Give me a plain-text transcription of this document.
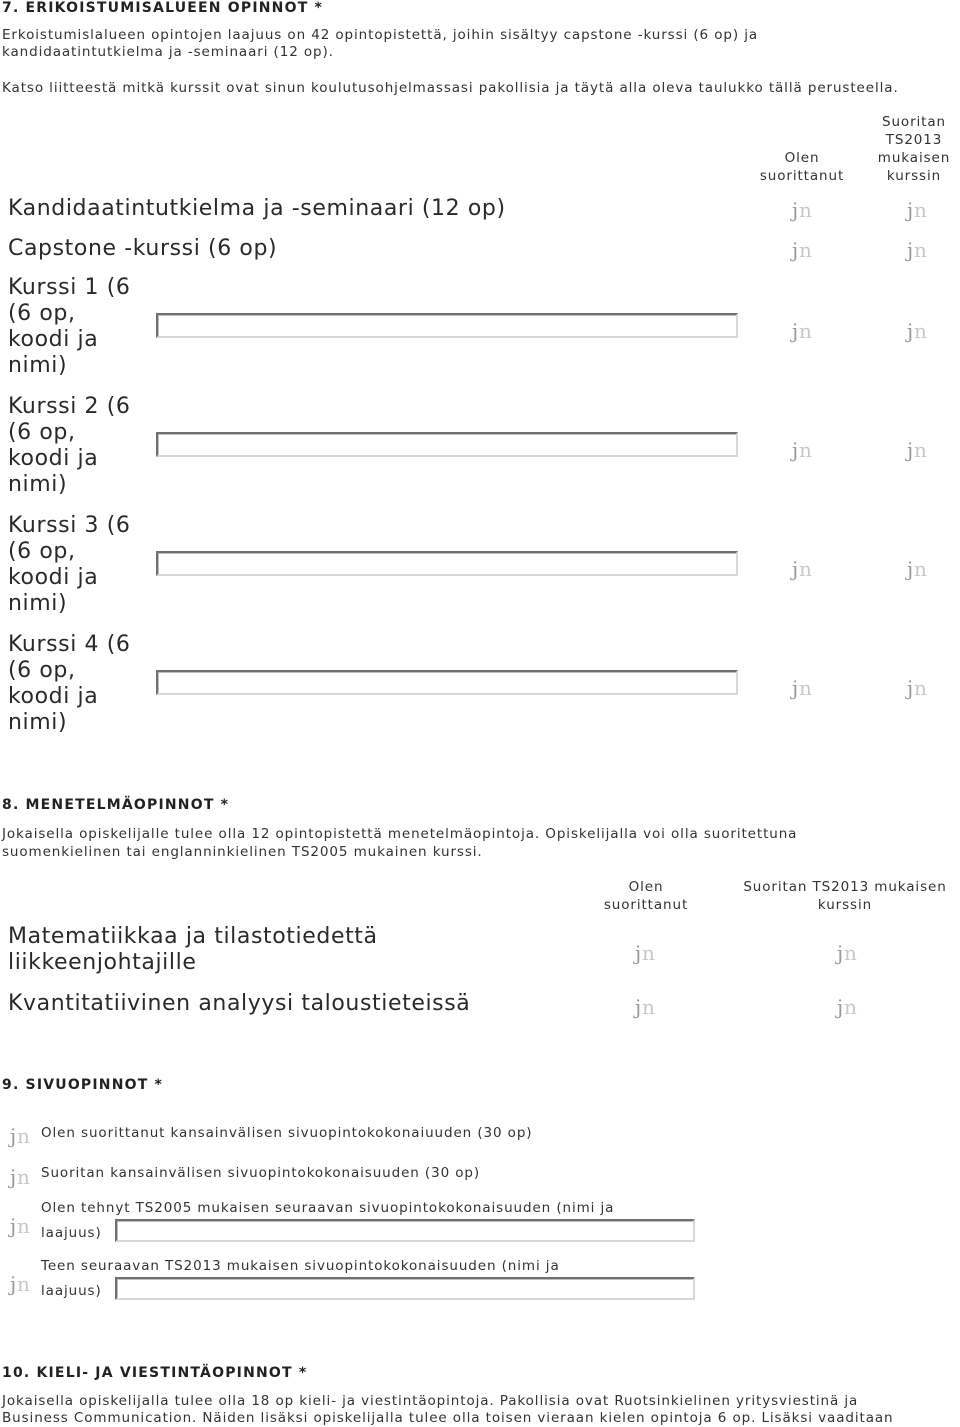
7. ERIKOISTUMISALUEEN OPINNOT *
Erkoistumislalueen opintojen laajuus on 42 opintopistettä, joihin sisältyy capstone -kurssi (6 op) ja
kandidaatintutkielma ja -seminaari (12 op).
Katso liitteestä mitkä kurssit ovat sinun koulutusohjelmassasi pakollisia ja täytä alla oleva taulukko tällä perusteella.
Olen
suorittanut
Suoritan
TS2013
mukaisen
kurssin
Kandidaatintutkielma ja -seminaari (12 op)	j n	j n
Capstone -kurssi (6 op)	j n	j n
Kurssi 1 (6
(6 op,
koodi ja
nimi)
j n	j n
Kurssi 2 (6
(6 op,
koodi ja
nimi)
j n	j n
Kurssi 3 (6
(6 op,
koodi ja
nimi)
j n	j n
Kurssi 4 (6
(6 op,
koodi ja
nimi)
j n	j n
8. MENETELMÄOPINNOT *
Jokaisella opiskelijalle tulee olla 12 opintopistettä menetelmäopintoja. Opiskelijalla voi olla suoritettuna
suomenkielinen tai englanninkielinen TS2005 mukainen kurssi.
Olen
suorittanut
Suoritan TS2013 mukaisen
kurssin
Matematiikkaa ja tilastotiedettä
liikkeenjohtajille	j n	j n
Kvantitatiivinen analyysi taloustieteissä	j n	j n
9. SIVUOPINNOT *
j n Olen suorittanut kansainvälisen sivuopintokokonaiuuden (30 op)
j n Suoritan kansainvälisen sivuopintokokonaisuuden (30 op)
j n
Olen tehnyt TS2005 mukaisen seuraavan sivuopintokokonaisuuden (nimi ja
laajuus)
j n
Teen seuraavan TS2013 mukaisen sivuopintokokonaisuuden (nimi ja
laajuus)
10. KIELI- JA VIESTINTÄOPINNOT *
Jokaisella opiskelijalla tulee olla 18 op kieli- ja viestintäopintoja. Pakollisia ovat Ruotsinkielinen yritysviestinä ja
Business Communication. Näiden lisäksi opiskelijalla tulee olla toisen vieraan kielen opintoja 6 op. Lisäksi vaaditaan
